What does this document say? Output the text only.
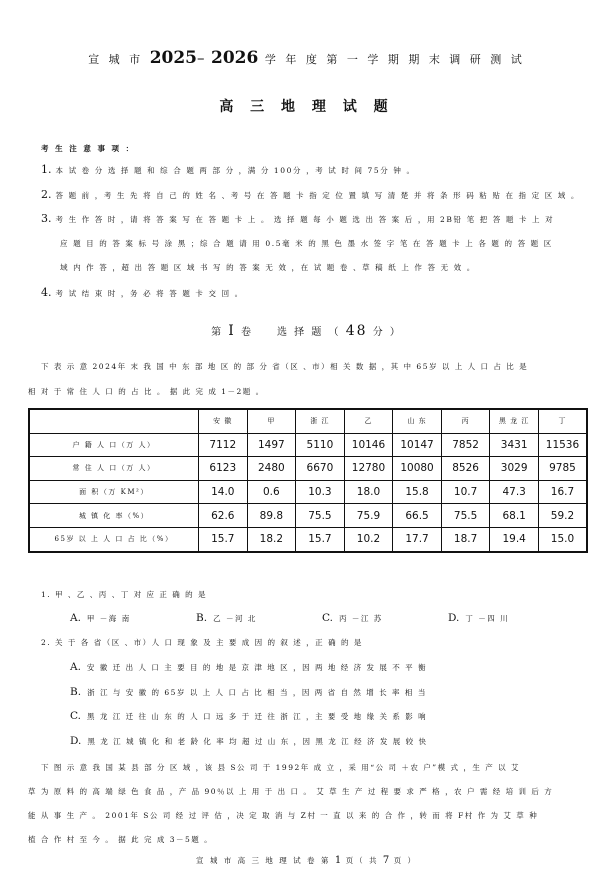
宣 城 市 2025– 2026 学 年 度 第 一 学 期 期 末 调 研 测 试
高 三 地 理 试 题
考 生 注 意 事 项 ：
1. 本 试 卷 分 选 择 题 和 综 合 题 两 部 分 ，满 分 100分 ，考 试 时 间 75分 钟 。
2. 答 题 前 ，考 生 先 将 自 己 的 姓 名 、考 号 在 答 题 卡 指 定 位 置 填 写 清 楚 并 将 条 形 码 粘 贴 在 指 定 区 域 。
3. 考 生 作 答 时 ，请 将 答 案 写 在 答 题 卡 上 。 选 择 题 每 小 题 选 出 答 案 后 ，用 2B铅 笔 把 答 题 卡 上 对
应 题 目 的 答 案 标 号 涂 黑 ；综 合 题 请 用 0.5毫 米 的 黑 色 墨 水 签 字 笔 在 答 题 卡 上 各 题 的 答 题 区
域 内 作 答 ，超 出 答 题 区 域 书 写 的 答 案 无 效 ，在 试 题 卷 、草 稿 纸 上 作 答 无 效 。
4. 考 试 结 束 时 ，务 必 将 答 题 卡 交 回 。
第 Ⅰ 卷　　选 择 题 （ 48 分 ）
下 表 示 意 2024年 末 我 国 中 东 部 地 区 的 部 分 省（区 、市）相 关 数 据 ，其 中 65岁 以 上 人 口 占 比 是
相 对 于 常 住 人 口 的 占 比 。 据 此 完 成 1－2题 。
	安 徽	甲	浙 江	乙	山 东	丙	黑 龙 江	丁
户 籍 人 口（万 人）	7112	1497	5110	10146	10147	7852	3431	11536
常 住 人 口（万 人）	6123	2480	6670	12780	10080	8526	3029	9785
面 积（万 KM²）	14.0	0.6	10.3	18.0	15.8	10.7	47.3	16.7
城 镇 化 率（%）	62.6	89.8	75.5	75.9	66.5	75.5	68.1	59.2
65岁 以 上 人 口 占 比（%）	15.7	18.2	15.7	10.2	17.7	18.7	19.4	15.0
1. 甲 、乙 、丙 、丁 对 应 正 确 的 是
A. 甲 －海 南	B. 乙 －河 北	C. 丙 －江 苏	D. 丁 －四 川
2. 关 于 各 省（区 、市）人 口 现 象 及 主 要 成 因 的 叙 述 ，正 确 的 是
A. 安 徽 迁 出 人 口 主 要 目 的 地 是 京 津 地 区 ，因 两 地 经 济 发 展 不 平 衡
B. 浙 江 与 安 徽 的 65岁 以 上 人 口 占 比 相 当 ，因 两 省 自 然 增 长 率 相 当
C. 黑 龙 江 迁 往 山 东 的 人 口 远 多 于 迁 往 浙 江 ，主 要 受 地 缘 关 系 影 响
D. 黑 龙 江 城 镇 化 和 老 龄 化 率 均 超 过 山 东 ，因 黑 龙 江 经 济 发 展 较 快
下 图 示 意 我 国 某 县 部 分 区 域 ，该 县 S公 司 于 1992年 成 立 ，采 用“公 司 ＋农 户”模 式 ，生 产 以 艾
草 为 原 料 的 高 端 绿 色 食 品 ，产 品 90％以 上 用 于 出 口 。 艾 草 生 产 过 程 要 求 严 格 ，农 户 需 经 培 训 后 方
能 从 事 生 产 。 2001年 S公 司 经 过 评 估 ，决 定 取 消 与 Z村 一 直 以 来 的 合 作 ，转 而 将 F村 作 为 艾 草 种
植 合 作 村 至 今 。 据 此 完 成 3－5题 。
宣 城 市 高 三 地 理 试 卷 第 1 页（ 共 7 页 ）
